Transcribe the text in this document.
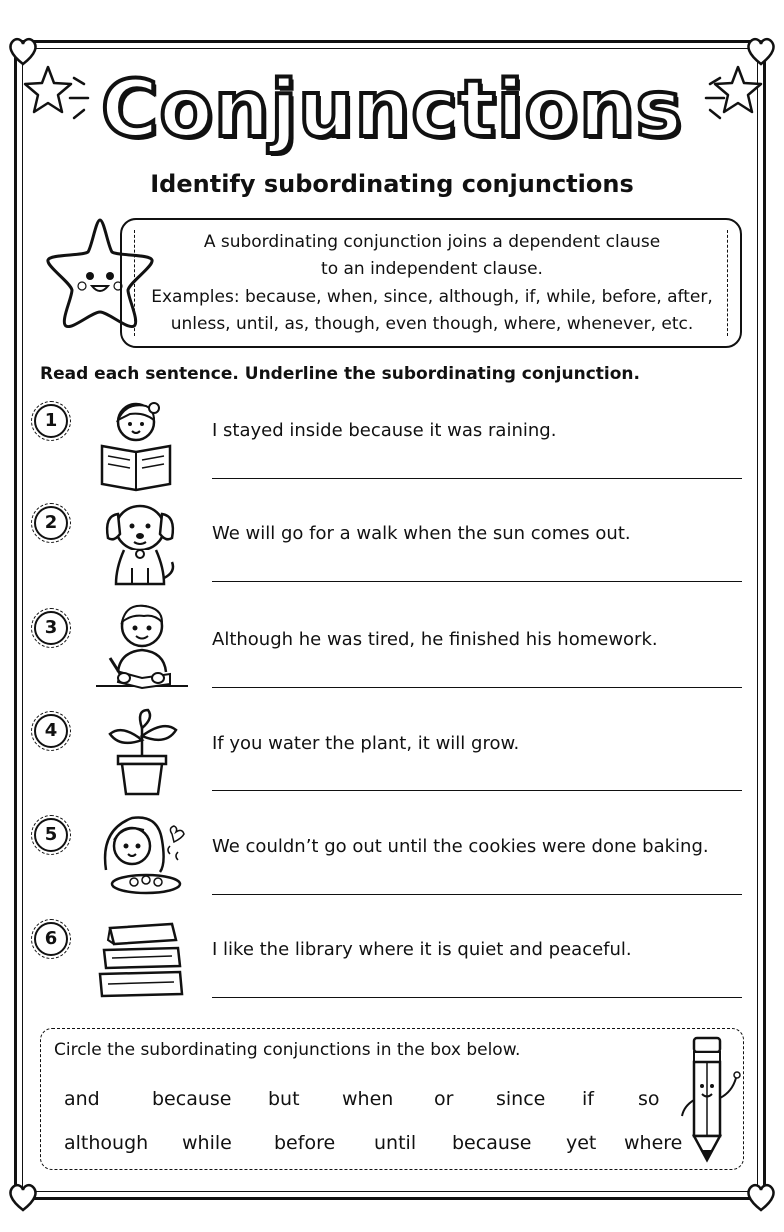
Conjunctions
Identify subordinating conjunctions
A subordinating conjunction joins a dependent clause
to an independent clause.
Examples: because, when, since, although, if, while, before, after,
unless, until, as, though, even though, where, whenever, etc.
Read each sentence. Underline the subordinating conjunction.
1	I stayed inside because it was raining.
2
We will go for a walk when the sun comes out.
3
Although he was tired, he finished his homework.
4
If you water the plant, it will grow.
5
We couldn’t go out until the cookies were done baking.
6
I like the library where it is quiet and peaceful.
Circle the subordinating conjunctions in the box below.
and	because but when or since if so
although while before until because yet where
